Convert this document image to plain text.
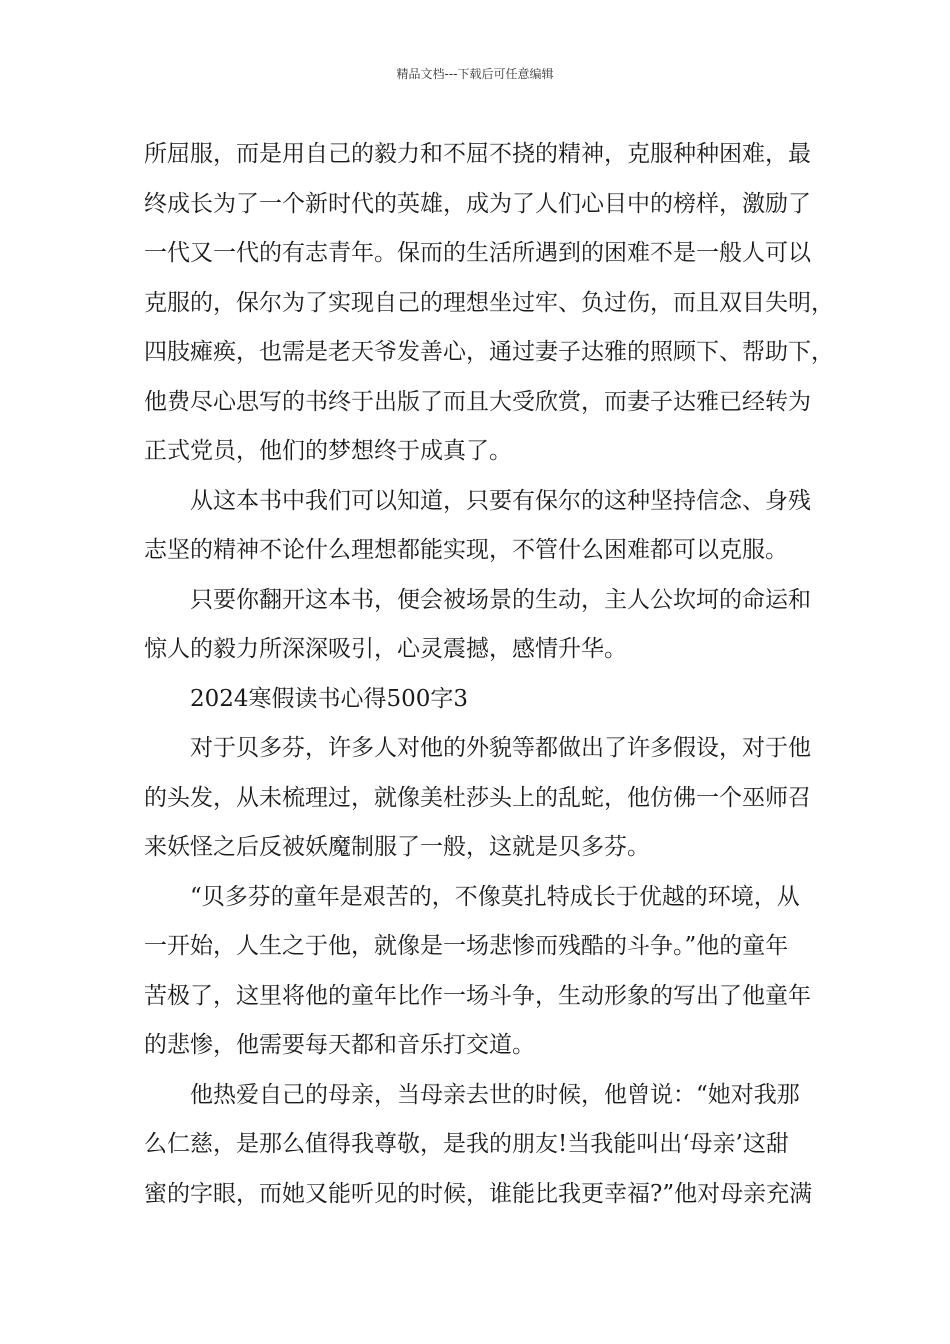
精品文档---下载后可任意编辑
所屈服，而是用自己的毅力和不屈不挠的精神，克服种种困难，最
终成长为了一个新时代的英雄，成为了人们心目中的榜样，激励了
一代又一代的有志青年。保而的生活所遇到的困难不是一般人可以
克服的，保尔为了实现自己的理想坐过牢、负过伤，而且双目失明，
四肢瘫痪，也需是老天爷发善心，通过妻子达雅的照顾下、帮助下，
他费尽心思写的书终于出版了而且大受欣赏，而妻子达雅已经转为
正式党员，他们的梦想终于成真了。
从这本书中我们可以知道，只要有保尔的这种坚持信念、身残
志坚的精神不论什么理想都能实现，不管什么困难都可以克服。
只要你翻开这本书，便会被场景的生动，主人公坎坷的命运和
惊人的毅力所深深吸引，心灵震撼，感情升华。
2024寒假读书心得500字3
对于贝多芬，许多人对他的外貌等都做出了许多假设，对于他
的头发，从未梳理过，就像美杜莎头上的乱蛇，他仿佛一个巫师召
来妖怪之后反被妖魔制服了一般，这就是贝多芬。
“贝多芬的童年是艰苦的，不像莫扎特成长于优越的环境，从
一开始，人生之于他，就像是一场悲惨而残酷的斗争。”他的童年
苦极了，这里将他的童年比作一场斗争，生动形象的写出了他童年
的悲惨，他需要每天都和音乐打交道。
他热爱自己的母亲，当母亲去世的时候，他曾说：“她对我那
么仁慈，是那么值得我尊敬，是我的朋友!当我能叫出‘母亲’这甜
蜜的字眼，而她又能听见的时候，谁能比我更幸福?”他对母亲充满
